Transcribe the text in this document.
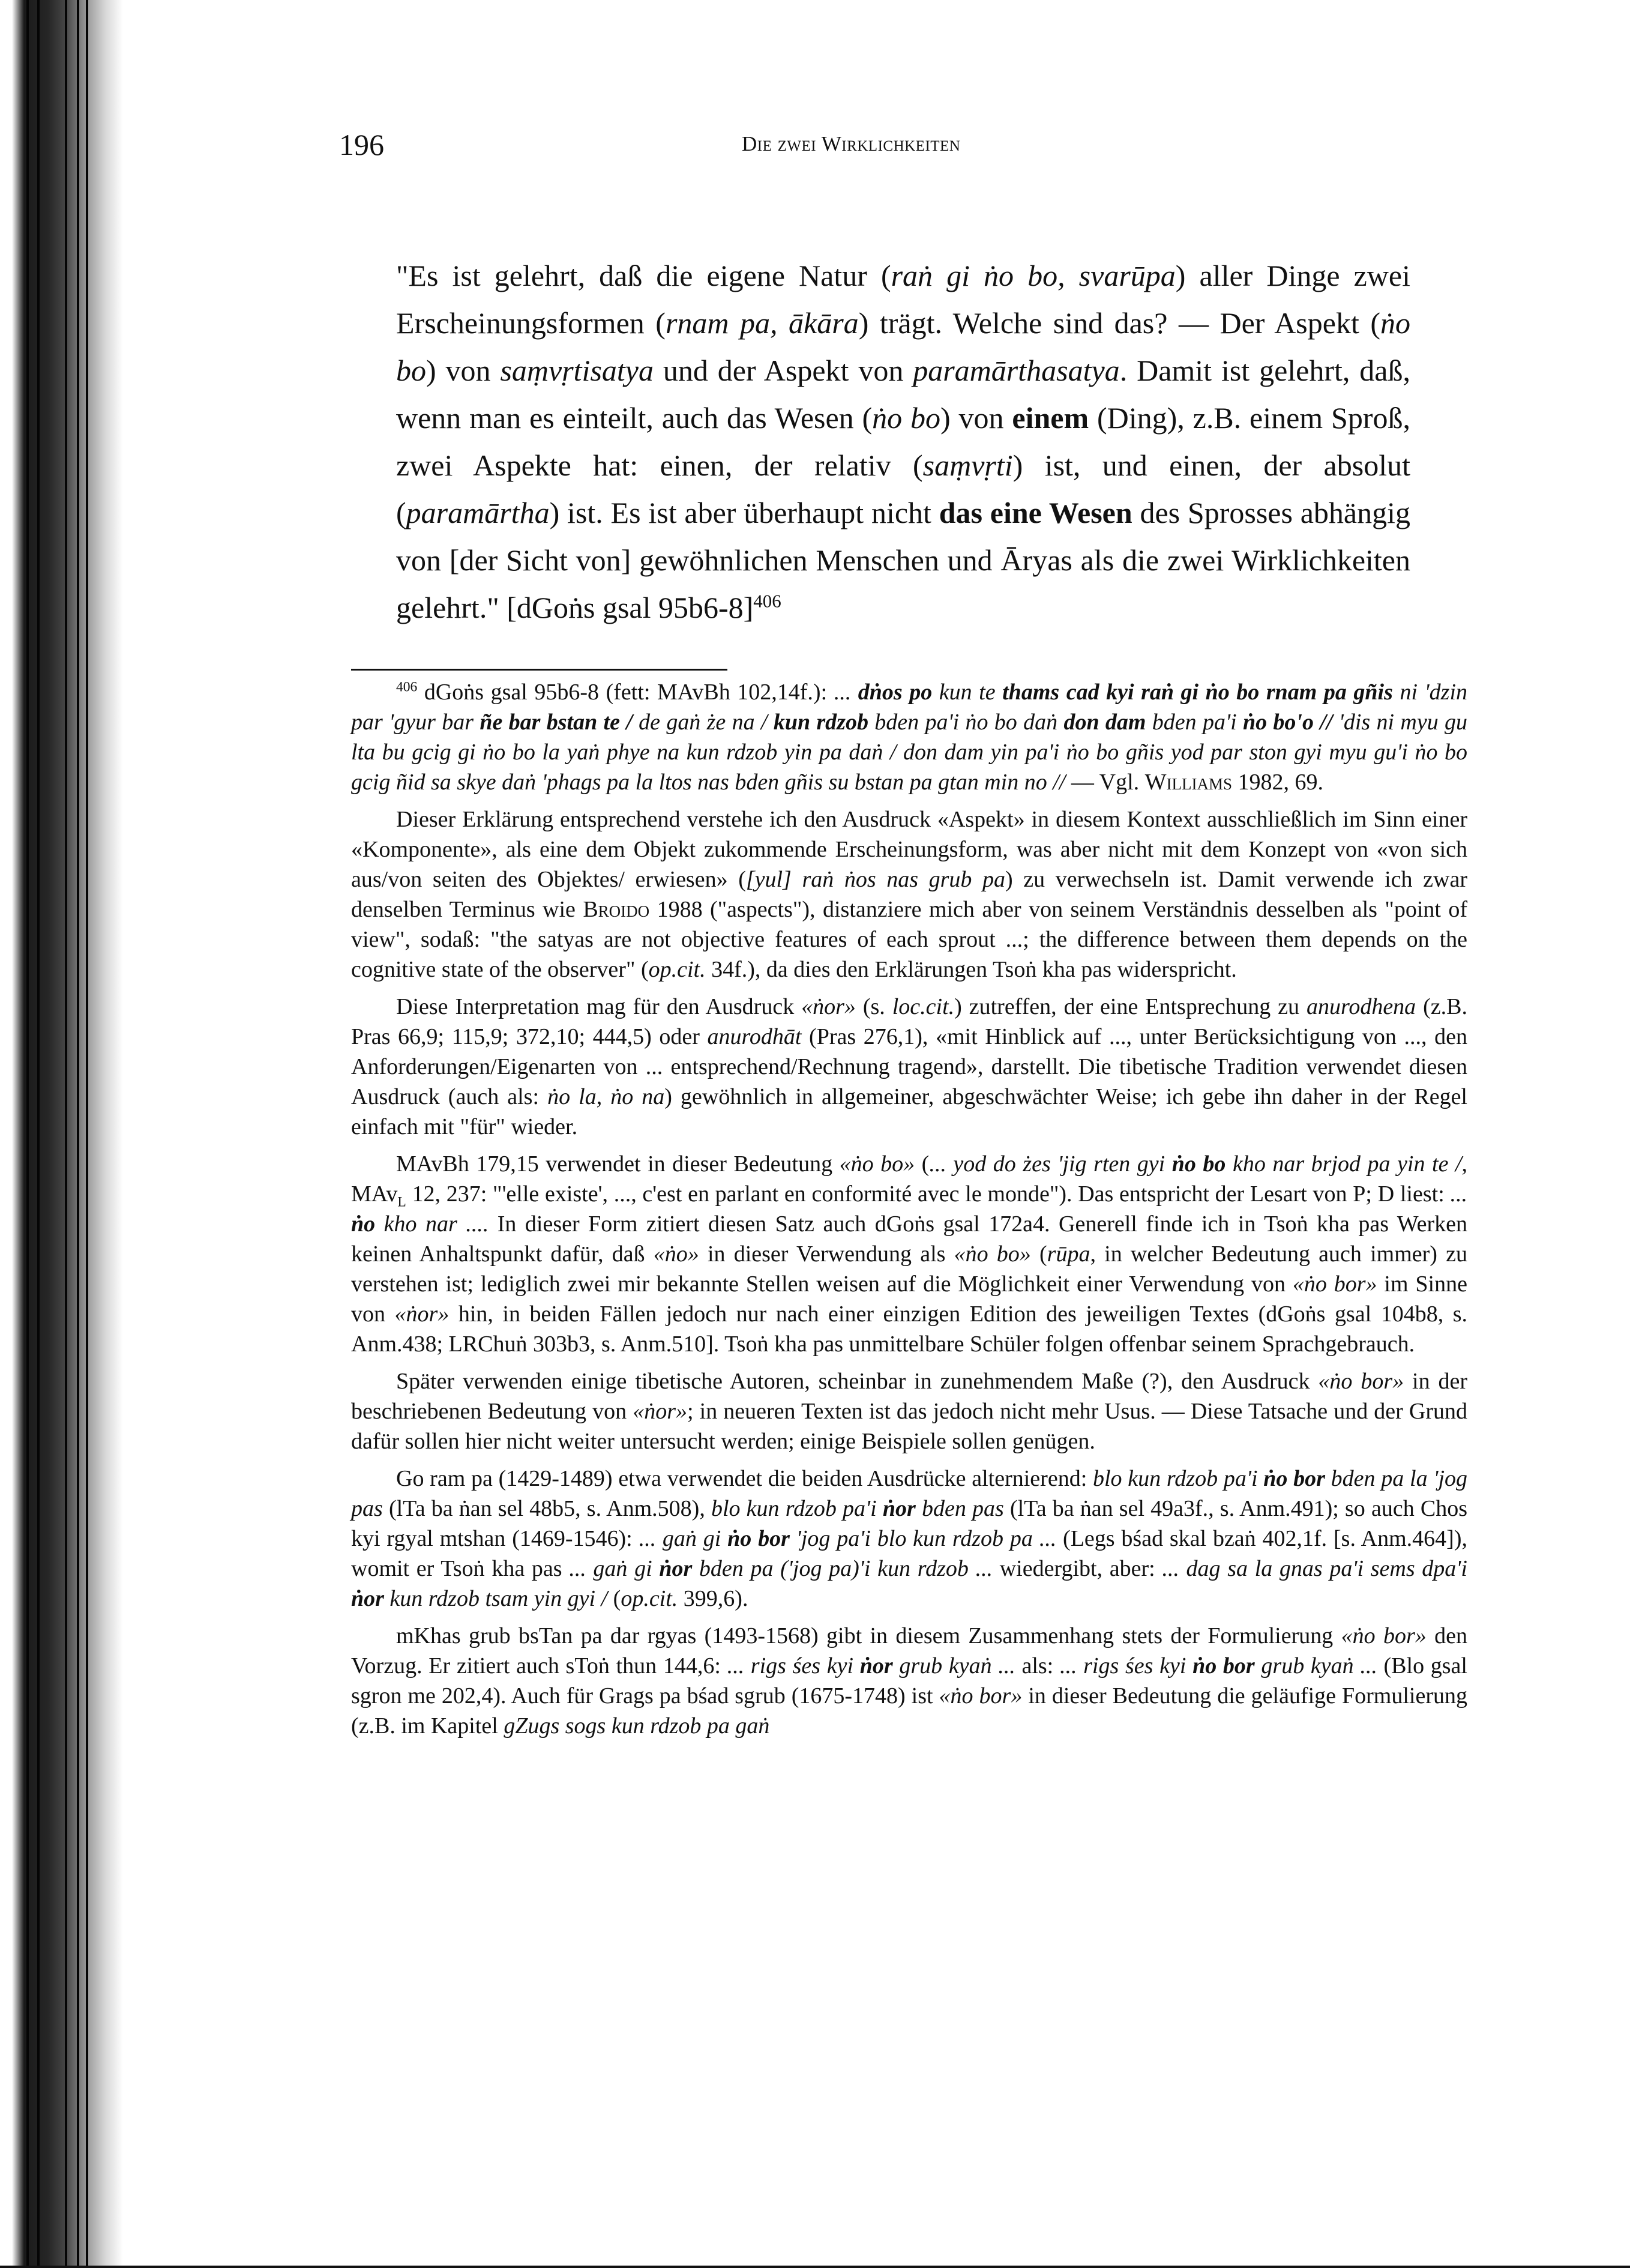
196	Die zwei Wirklichkeiten

"Es ist gelehrt, daß die eigene Natur (raṅ gi ṅo bo, svarūpa) aller Dinge zwei Erscheinungsformen (rnam pa, ākāra) trägt. Welche sind das? — Der Aspekt (ṅo bo) von saṃvṛtisatya und der Aspekt von paramārthasatya. Damit ist gelehrt, daß, wenn man es einteilt, auch das Wesen (ṅo bo) von einem (Ding), z.B. einem Sproß, zwei Aspekte hat: einen, der relativ (saṃvṛti) ist, und einen, der absolut (paramārtha) ist. Es ist aber überhaupt nicht das eine Wesen des Sprosses abhängig von [der Sicht von] gewöhnlichen Menschen und Āryas als die zwei Wirklichkeiten gelehrt." [dGoṅs gsal 95b6-8]$^{406}$

$^{406}$ dGoṅs gsal 95b6-8 (fett: MAvBh 102,14f.): ... dṅos po kun te thams cad kyi raṅ gi ṅo bo rnam pa gñis ni 'dzin par 'gyur bar ñe bar bstan te / de gaṅ że na / kun rdzob bden pa'i ṅo bo daṅ don dam bden pa'i ṅo bo'o // 'dis ni myu gu lta bu gcig gi ṅo bo la yaṅ phye na kun rdzob yin pa daṅ / don dam yin pa'i ṅo bo gñis yod par ston gyi myu gu'i ṅo bo gcig ñid sa skye daṅ 'phags pa la ltos nas bden gñis su bstan pa gtan min no // — Vgl. Williams 1982, 69.

Dieser Erklärung entsprechend verstehe ich den Ausdruck «Aspekt» in diesem Kontext ausschließlich im Sinn einer «Komponente», als eine dem Objekt zukommende Erscheinungsform, was aber nicht mit dem Konzept von «von sich aus/von seiten des Objektes/ erwiesen» ([yul] raṅ ṅos nas grub pa) zu verwechseln ist. Damit verwende ich zwar denselben Terminus wie Broido 1988 ("aspects"), distanziere mich aber von seinem Verständnis desselben als "point of view", sodaß: "the satyas are not objective features of each sprout ...; the difference between them depends on the cognitive state of the observer" (op.cit. 34f.), da dies den Erklärungen Tsoṅ kha pas widerspricht.

Diese Interpretation mag für den Ausdruck «ṅor» (s. loc.cit.) zutreffen, der eine Entsprechung zu anurodhena (z.B. Pras 66,9; 115,9; 372,10; 444,5) oder anurodhāt (Pras 276,1), «mit Hinblick auf ..., unter Berücksichtigung von ..., den Anforderungen/Eigenarten von ... entsprechend/Rechnung tragend», darstellt. Die tibetische Tradition verwendet diesen Ausdruck (auch als: ṅo la, ṅo na) gewöhnlich in allgemeiner, abgeschwächter Weise; ich gebe ihn daher in der Regel einfach mit "für" wieder.

MAvBh 179,15 verwendet in dieser Bedeutung «ṅo bo» (... yod do żes 'jig rten gyi ṅo bo kho nar brjod pa yin te /, MAv$_L$ 12, 237: "'elle existe', ..., c'est en parlant en conformité avec le monde"). Das entspricht der Lesart von P; D liest: ... ṅo kho nar .... In dieser Form zitiert diesen Satz auch dGoṅs gsal 172a4. Generell finde ich in Tsoṅ kha pas Werken keinen Anhaltspunkt dafür, daß «ṅo» in dieser Verwendung als «ṅo bo» (rūpa, in welcher Bedeutung auch immer) zu verstehen ist; lediglich zwei mir bekannte Stellen weisen auf die Möglichkeit einer Verwendung von «ṅo bor» im Sinne von «ṅor» hin, in beiden Fällen jedoch nur nach einer einzigen Edition des jeweiligen Textes (dGoṅs gsal 104b8, s. Anm.438; LRChuṅ 303b3, s. Anm.510]. Tsoṅ kha pas unmittelbare Schüler folgen offenbar seinem Sprachgebrauch.

Später verwenden einige tibetische Autoren, scheinbar in zunehmendem Maße (?), den Ausdruck «ṅo bor» in der beschriebenen Bedeutung von «ṅor»; in neueren Texten ist das jedoch nicht mehr Usus. — Diese Tatsache und der Grund dafür sollen hier nicht weiter untersucht werden; einige Beispiele sollen genügen.

Go ram pa (1429-1489) etwa verwendet die beiden Ausdrücke alternierend: blo kun rdzob pa'i ṅo bor bden pa la 'jog pas (lTa ba ṅan sel 48b5, s. Anm.508), blo kun rdzob pa'i ṅor bden pas (lTa ba ṅan sel 49a3f., s. Anm.491); so auch Chos kyi rgyal mtshan (1469-1546): ... gaṅ gi ṅo bor 'jog pa'i blo kun rdzob pa ... (Legs bśad skal bzaṅ 402,1f. [s. Anm.464]), womit er Tsoṅ kha pas ... gaṅ gi ṅor bden pa ('jog pa)'i kun rdzob ... wiedergibt, aber: ... dag sa la gnas pa'i sems dpa'i ṅor kun rdzob tsam yin gyi / (op.cit. 399,6).

mKhas grub bsTan pa dar rgyas (1493-1568) gibt in diesem Zusammenhang stets der Formulierung «ṅo bor» den Vorzug. Er zitiert auch sToṅ thun 144,6: ... rigs śes kyi ṅor grub kyaṅ ... als: ... rigs śes kyi ṅo bor grub kyaṅ ... (Blo gsal sgron me 202,4). Auch für Grags pa bśad sgrub (1675-1748) ist «ṅo bor» in dieser Bedeutung die geläufige Formulierung (z.B. im Kapitel gZugs sogs kun rdzob pa gaṅ
